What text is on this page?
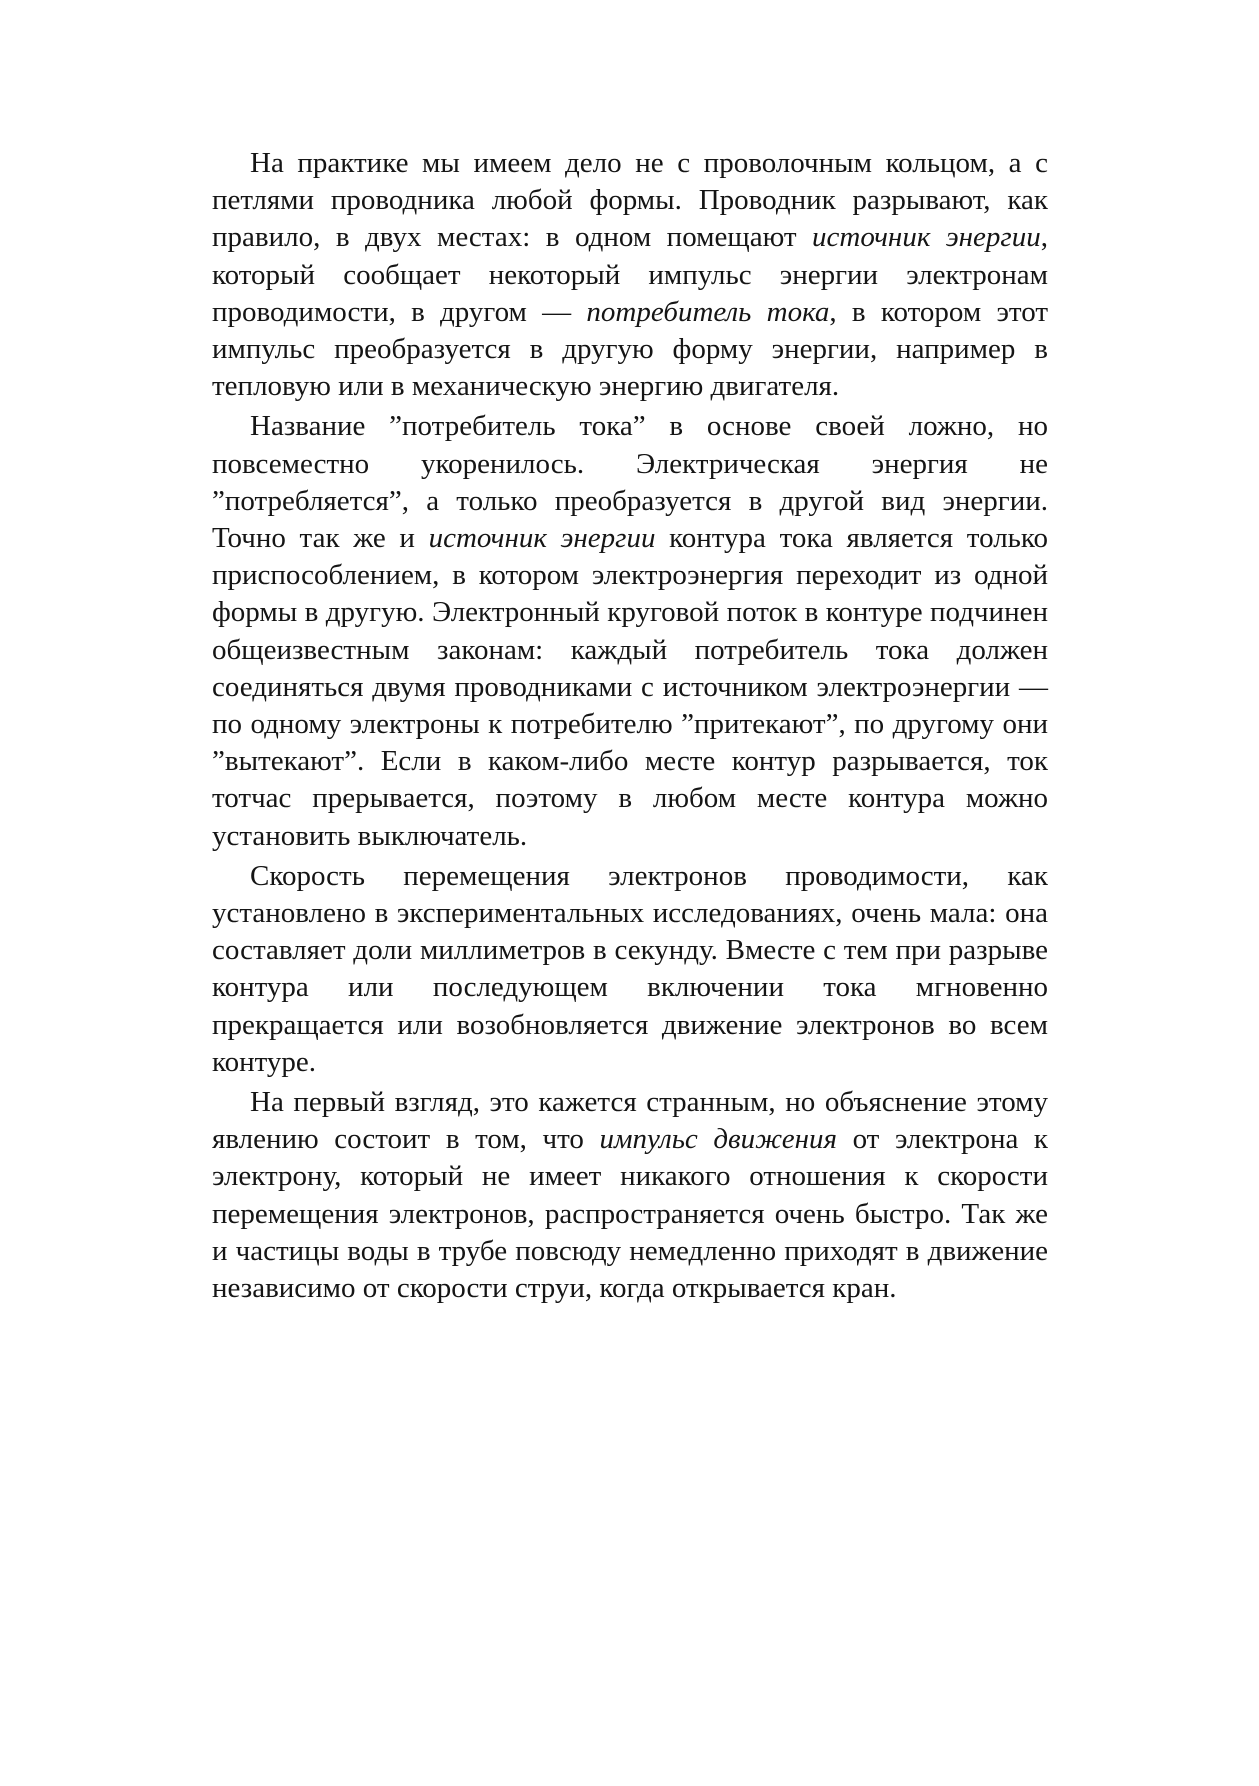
На практике мы имеем дело не с проволочным кольцом, а с петлями проводника любой формы. Проводник разрывают, как правило, в двух местах: в одном помещают источник энергии, который сообщает некоторый импульс энергии электронам проводимости, в другом — потребитель тока, в котором этот импульс преобразуется в другую форму энергии, например в тепловую или в механическую энергию двигателя.

Название ”потребитель тока” в основе своей ложно, но повсеместно укоренилось. Электрическая энергия не ”потребляется”, а только преобразуется в другой вид энергии. Точно так же и источник энергии контура тока является только приспособлением, в котором электроэнергия переходит из одной формы в другую. Электронный круговой поток в контуре подчинен общеизвестным законам: каждый потребитель тока должен соединяться двумя проводниками с источником электроэнергии — по одному электроны к потребителю ”притекают”, по другому они ”вытекают”. Если в каком-либо месте контур разрывается, ток тотчас прерывается, поэтому в любом месте контура можно установить выключатель.

Скорость перемещения электронов проводимости, как установлено в экспериментальных исследованиях, очень мала: она составляет доли миллиметров в секунду. Вместе с тем при разрыве контура или последующем включении тока мгновенно прекращается или возобновляется движение электронов во всем контуре.

На первый взгляд, это кажется странным, но объяснение этому явлению состоит в том, что импульс движения от электрона к электрону, который не имеет никакого отношения к скорости перемещения электронов, распространяется очень быстро. Так же и частицы воды в трубе повсюду немедленно приходят в движение независимо от скорости струи, когда открывается кран.
